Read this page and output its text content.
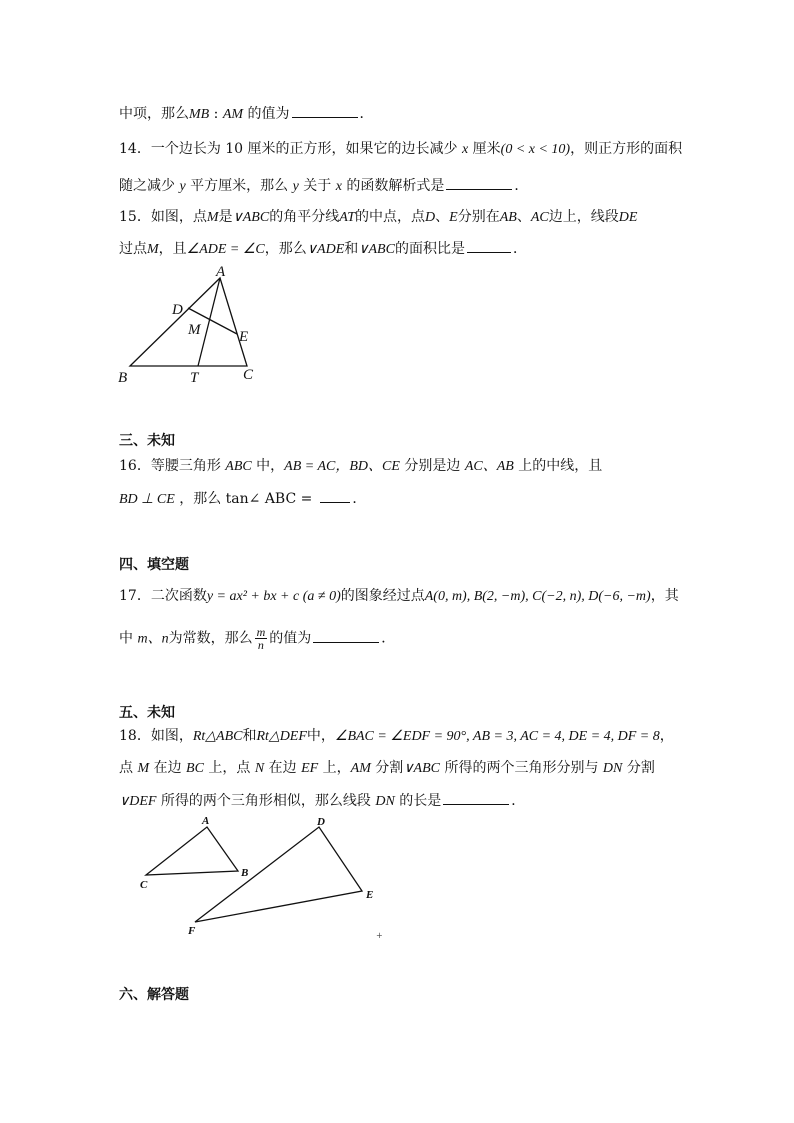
中项，那么MB : AM 的值为	．
14．一个边长为 10 厘米的正方形，如果它的边长减少 x 厘米(0 < x < 10)，则正方形的面积
随之减少 y 平方厘米，那么 y 关于 x 的函数解析式是	．
15．如图，点M是∨ABC的角平分线AT的中点，点D、E分别在AB、AC边上，线段DE
过点M，且∠ADE = ∠C，那么∨ADE和∨ABC的面积比是	．
A
D
M	E
B	T	C
三、未知
16．等腰三角形 ABC 中，AB = AC，BD、CE 分别是边 AC、AB 上的中线，且
BD ⊥ CE ，那么 tan∠ ABC =	．
四、填空题
17．二次函数y = ax² + bx + c (a ≠ 0)的图象经过点A(0, m), B(2, −m), C(−2, n), D(−6, −m)，其
中 m、n为常数，那么 $\frac{m}{n}$ 的值为	．
五、未知
18．如图，Rt△ABC和Rt△DEF中，∠BAC = ∠EDF = 90°, AB = 3, AC = 4, DE = 4, DF = 8，
点 M 在边 BC 上，点 N 在边 EF 上，AM 分割∨ABC 所得的两个三角形分别与 DN 分割
∨DEF 所得的两个三角形相似，那么线段 DN 的长是	．
A
B
C
D
E
F	+
六、解答题
